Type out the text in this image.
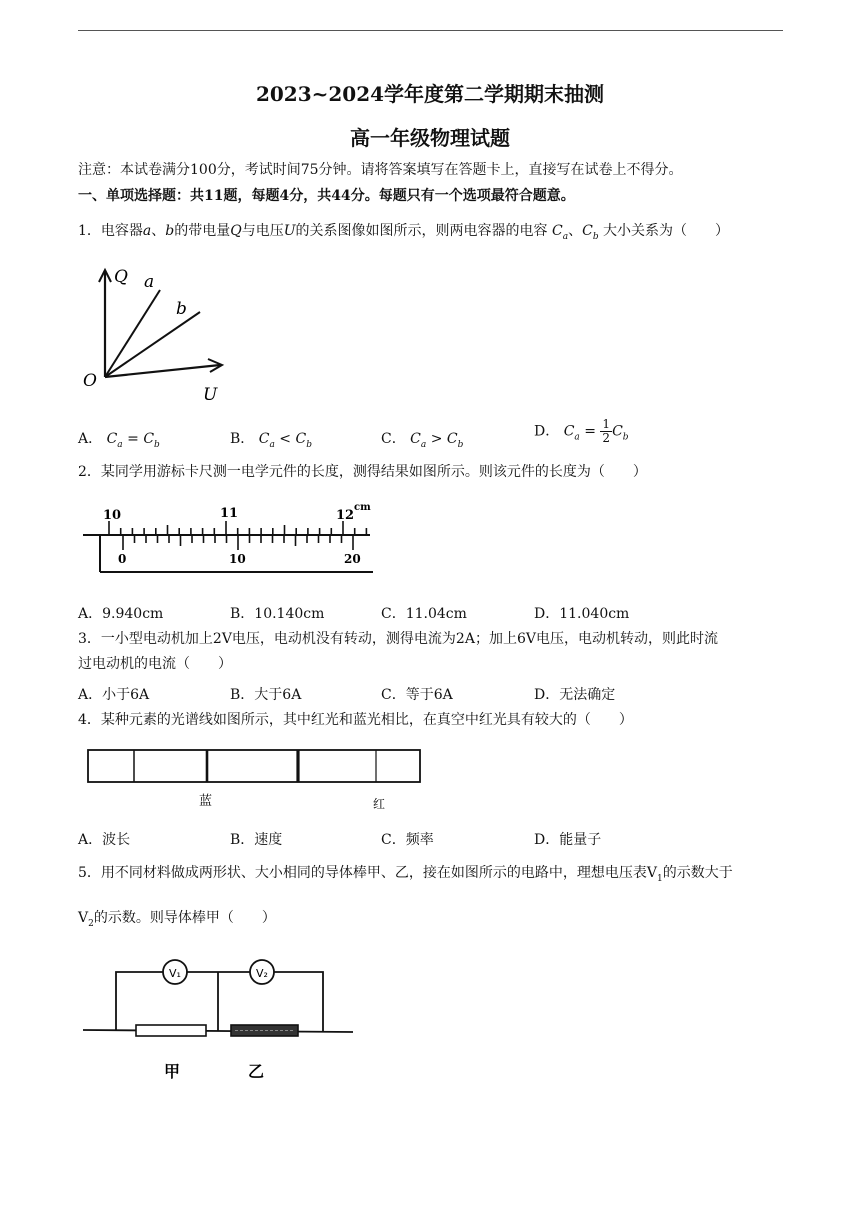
2023~2024学年度第二学期期末抽测
高一年级物理试题
注意：本试卷满分100分，考试时间75分钟。请将答案填写在答题卡上，直接写在试卷上不得分。
一、单项选择题：共11题，每题4分，共44分。每题只有一个选项最符合题意。
1．电容器a、b的带电量Q与电压U的关系图像如图所示，则两电容器的电容 $C_a$、$C_b$ 大小关系为（　　）
Q
U
O
a
b
A． $C_a = C_b$	B． $C_a < C_b$	C． $C_a > C_b$
D． $C_a = \frac{1}{2} C_b$
2．某同学用游标卡尺测一电学元件的长度，测得结果如图所示。则该元件的长度为（　　）
10	11	12
cm
0	10	20
A．9.940cm	B．10.140cm	C．11.04cm	D．11.040cm
3．一小型电动机加上2V电压，电动机没有转动，测得电流为2A；加上6V电压，电动机转动，则此时流
过电动机的电流（　　）
A．小于6A	B．大于6A	C．等于6A	D．无法确定
4．某种元素的光谱线如图所示，其中红光和蓝光相比，在真空中红光具有较大的（　　）
蓝	红
A．波长	B．速度	C．频率	D．能量子
5．用不同材料做成两形状、大小相同的导体棒甲、乙，接在如图所示的电路中，理想电压表$V_1$的示数大于
$V_2$的示数。则导体棒甲（　　）
V₁	V₂
甲	乙
